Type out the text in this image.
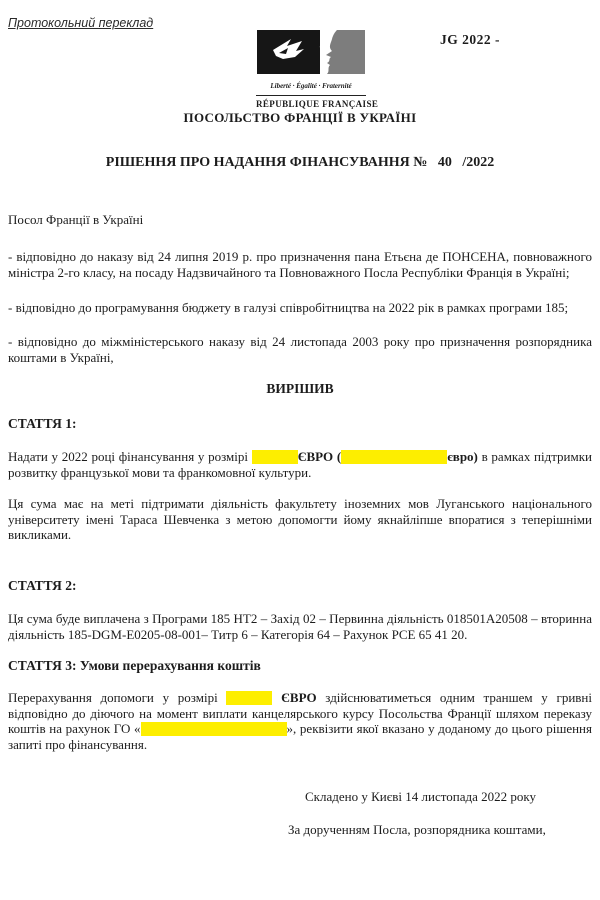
Протокольний переклад
JG 2022 -
Liberté · Égalité · Fraternité
RÉPUBLIQUE FRANÇAISE
ПОСОЛЬСТВО ФРАНЦІЇ В УКРАЇНІ
РІШЕННЯ ПРО НАДАННЯ ФІНАНСУВАННЯ №   40   /2022
Посол Франції в Україні
- відповідно до наказу від 24 липня 2019 р. про призначення пана Етьєна де ПОНСЕНА, повноважного міністра 2-го класу, на посаду Надзвичайного та Повноважного Посла Республіки Франція в Україні;
- відповідно до програмування бюджету в галузі співробітництва на 2022 рік в рамках програми 185;
- відповідно до міжміністерського наказу від 24 листопада 2003 року про призначення розпорядника коштами в Україні,
ВИРІШИВ
СТАТТЯ 1:
Надати у 2022 році фінансування у розмірі	ЄВРО (	євро) в рамках підтримки розвитку французької мови та франкомовної культури.
Ця сума має на меті підтримати діяльність факультету іноземних мов Луганського національного університету імені Тараса Шевченка з метою допомогти йому якнайліпше впоратися з теперішніми викликами.
СТАТТЯ 2:
Ця сума буде виплачена з Програми 185 HT2 – Захід 02 – Первинна діяльність 018501A20508 – вторинна діяльність 185-DGM-E0205-08-001– Титр 6 – Категорія 64 – Рахунок PCE 65 41 20.
СТАТТЯ 3: Умови перерахування коштів
Перерахування допомоги у розмірі	ЄВРО здійснюватиметься одним траншем у гривні відповідно до діючого на момент виплати канцелярського курсу Посольства Франції шляхом переказу коштів на рахунок ГО «	», реквізити якої вказано у доданому до цього рішення запиті про фінансування.
Складено у Києві 14 листопада 2022 року
За дорученням Посла, розпорядника коштами,
